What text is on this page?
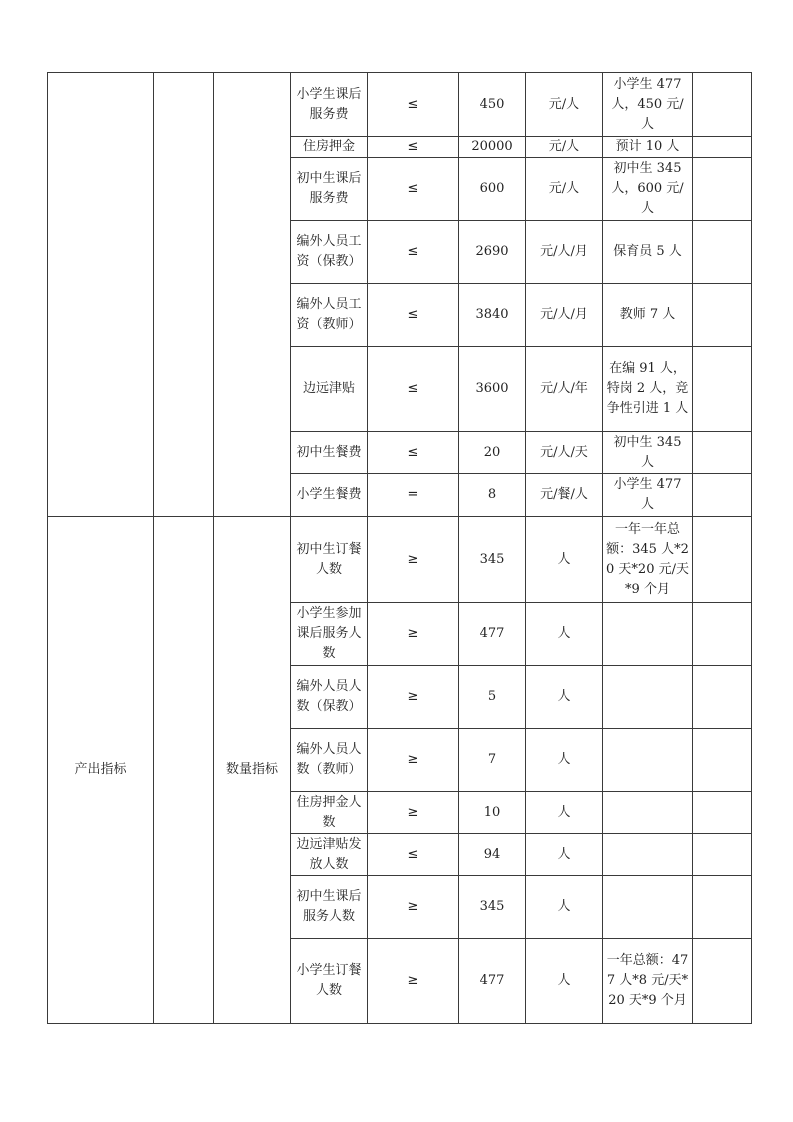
			小学生课后服务费	≤	450	元/人	小学生 477 人，450 元/人	
			住房押金	≤	20000	元/人	预计 10 人	
			初中生课后服务费	≤	600	元/人	初中生 345 人，600 元/人	
			编外人员工资（保教）	≤	2690	元/人/月	保育员 5 人	
			编外人员工资（教师）	≤	3840	元/人/月	教师 7 人	
			边远津贴	≤	3600	元/人/年	在编 91 人，特岗 2 人，竞争性引进 1 人	
			初中生餐费	≤	20	元/人/天	初中生 345 人	
			小学生餐费	=	8	元/餐/人	小学生 477 人	
产出指标		数量指标	初中生订餐人数	≥	345	人	一年一年总额：345 人*20 天*20 元/天*9 个月	
			小学生参加课后服务人数	≥	477	人		
			编外人员人数（保教）	≥	5	人		
			编外人员人数（教师）	≥	7	人		
			住房押金人数	≥	10	人		
			边远津贴发放人数	≤	94	人		
			初中生课后服务人数	≥	345	人		
			小学生订餐人数	≥	477	人	一年总额：477 人*8 元/天*20 天*9 个月	
